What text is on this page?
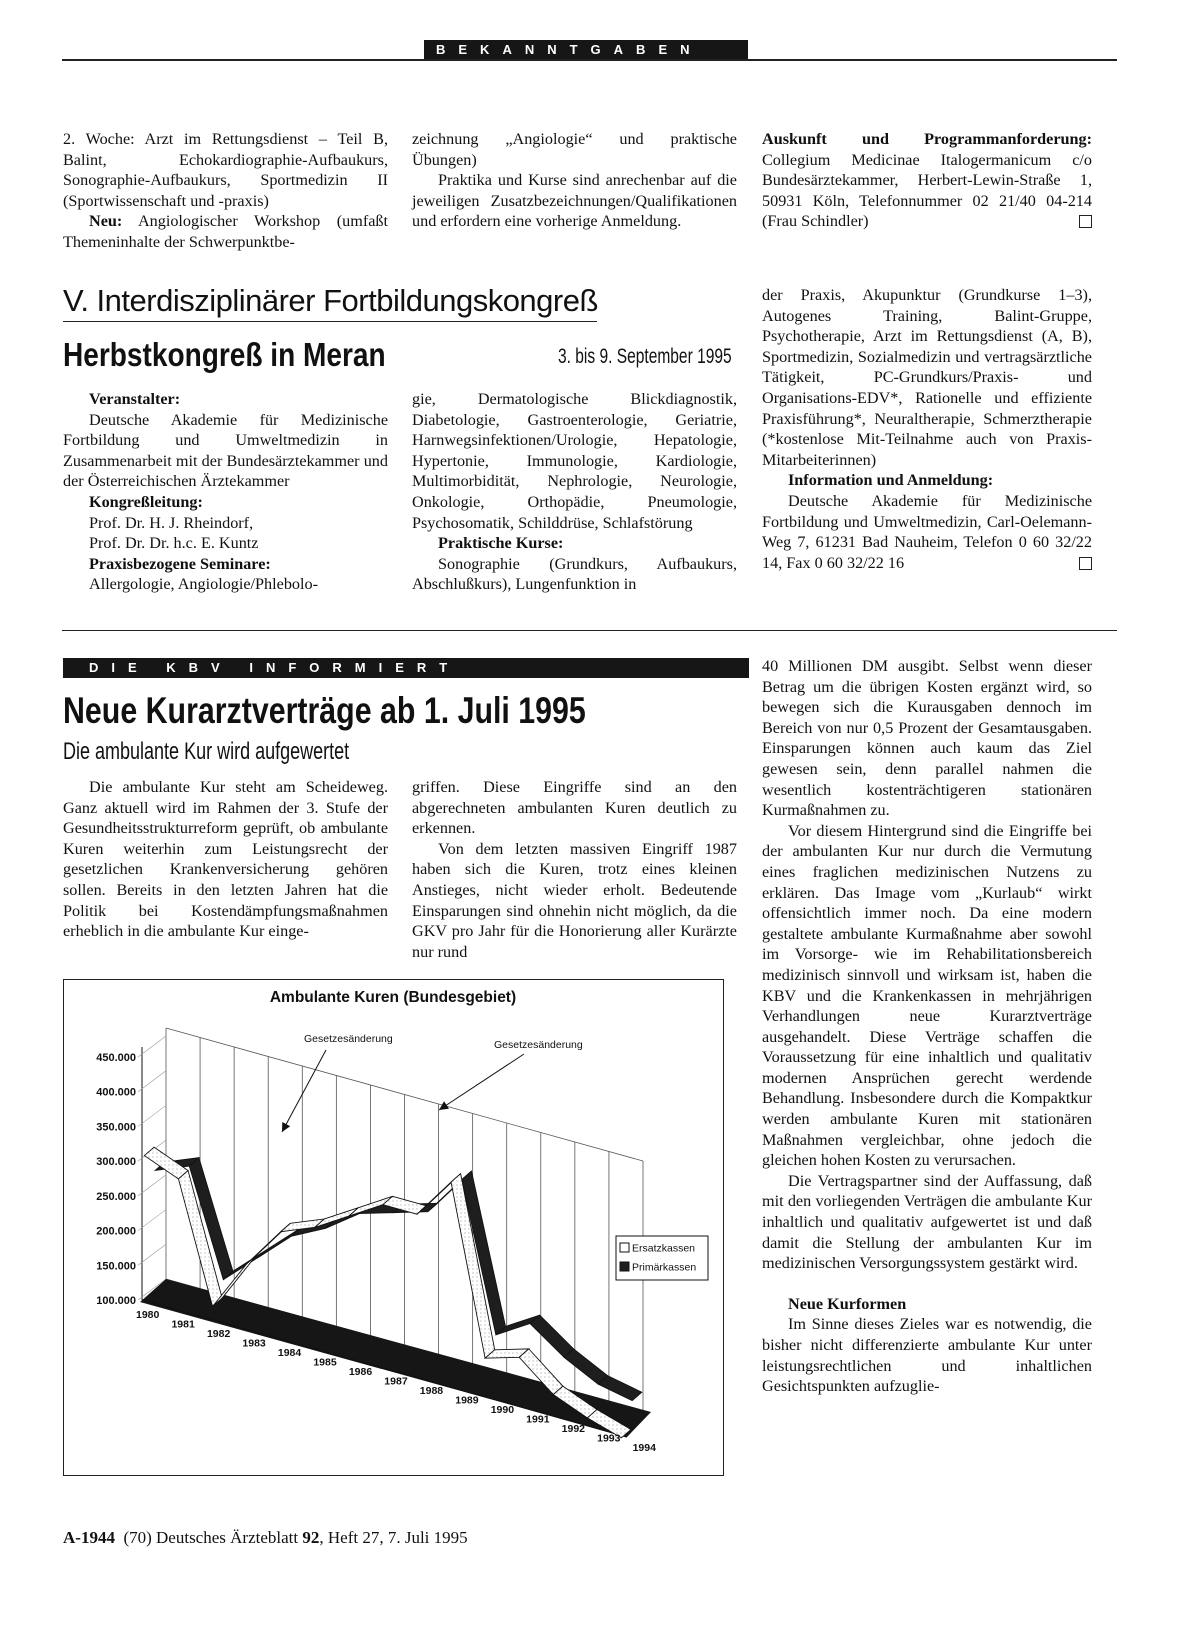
BEKANNTGABEN

2. Woche: Arzt im Rettungsdienst – Teil B, Balint, Echokardiographie-Aufbaukurs, Sonographie-Aufbaukurs, Sportmedizin II (Sportwissenschaft und -praxis)

Neu: Angiologischer Workshop (umfaßt Themeninhalte der Schwerpunktbe-

zeichnung „Angiologie“ und praktische Übungen)

Praktika und Kurse sind anrechenbar auf die jeweiligen Zusatzbezeichnungen/Qualifikationen und erfordern eine vorherige Anmeldung.

Auskunft und Programmanforderung: Collegium Medicinae Italogermanicum c/o Bundesärztekammer, Herbert-Lewin-Straße 1, 50931 Köln, Telefonnummer 02 21/40 04-214 (Frau Schindler)

V. Interdisziplinärer Fortbildungskongreß
Herbstkongreß in Meran	3. bis 9. September 1995

Veranstalter:

Deutsche Akademie für Medizinische Fortbildung und Umweltmedizin in Zusammenarbeit mit der Bundesärztekammer und der Österreichischen Ärztekammer

Kongreßleitung:

Prof. Dr. H. J. Rheindorf,

Prof. Dr. Dr. h.c. E. Kuntz

Praxisbezogene Seminare:

Allergologie, Angiologie/Phlebolo-

gie, Dermatologische Blickdiagnostik, Diabetologie, Gastroenterologie, Geriatrie, Harnwegsinfektionen/Urologie, Hepatologie, Hypertonie, Immunologie, Kardiologie, Multimorbidität, Nephrologie, Neurologie, Onkologie, Orthopädie, Pneumologie, Psychosomatik, Schilddrüse, Schlafstörung

Praktische Kurse:

Sonographie (Grundkurs, Aufbaukurs, Abschlußkurs), Lungenfunktion in

der Praxis, Akupunktur (Grundkurse 1–3), Autogenes Training, Balint-Gruppe, Psychotherapie, Arzt im Rettungsdienst (A, B), Sportmedizin, Sozialmedizin und vertragsärztliche Tätigkeit, PC-Grundkurs/Praxis- und Organisations-EDV*, Rationelle und effiziente Praxisführung*, Neuraltherapie, Schmerztherapie (*kostenlose Mit-Teilnahme auch von Praxis-Mitarbeiterinnen)

Information und Anmeldung:

Deutsche Akademie für Medizinische Fortbildung und Umweltmedizin, Carl-Oelemann-Weg 7, 61231 Bad Nauheim, Telefon 0 60 32/22 14, Fax 0 60 32/22 16

DIE KBV INFORMIERT
Neue Kurarztverträge ab 1. Juli 1995
Die ambulante Kur wird aufgewertet

Die ambulante Kur steht am Scheideweg. Ganz aktuell wird im Rahmen der 3. Stufe der Gesundheitsstrukturreform geprüft, ob ambulante Kuren weiterhin zum Leistungsrecht der gesetzlichen Krankenversicherung gehören sollen. Bereits in den letzten Jahren hat die Politik bei Kostendämpfungsmaßnahmen erheblich in die ambulante Kur einge-

griffen. Diese Eingriffe sind an den abgerechneten ambulanten Kuren deutlich zu erkennen.

Von dem letzten massiven Eingriff 1987 haben sich die Kuren, trotz eines kleinen Anstieges, nicht wieder erholt. Bedeutende Einsparungen sind ohnehin nicht möglich, da die GKV pro Jahr für die Honorierung aller Kurärzte nur rund

40 Millionen DM ausgibt. Selbst wenn dieser Betrag um die übrigen Kosten ergänzt wird, so bewegen sich die Kurausgaben dennoch im Bereich von nur 0,5 Prozent der Gesamtausgaben. Einsparungen können auch kaum das Ziel gewesen sein, denn parallel nahmen die wesentlich kostenträchtigeren stationären Kurmaßnahmen zu.

Vor diesem Hintergrund sind die Eingriffe bei der ambulanten Kur nur durch die Vermutung eines fraglichen medizinischen Nutzens zu erklären. Das Image vom „Kurlaub“ wirkt offensichtlich immer noch. Da eine modern gestaltete ambulante Kurmaßnahme aber sowohl im Vorsorge- wie im Rehabilitationsbereich medizinisch sinnvoll und wirksam ist, haben die KBV und die Krankenkassen in mehrjährigen Verhandlungen neue Kurarztverträge ausgehandelt. Diese Verträge schaffen die Voraussetzung für eine inhaltlich und qualitativ modernen Ansprüchen gerecht werdende Behandlung. Insbesondere durch die Kompaktkur werden ambulante Kuren mit stationären Maßnahmen vergleichbar, ohne jedoch die gleichen hohen Kosten zu verursachen.

Die Vertragspartner sind der Auffassung, daß mit den vorliegenden Verträgen die ambulante Kur inhaltlich und qualitativ aufgewertet ist und daß damit die Stellung der ambulanten Kur im medizinischen Versorgungssystem gestärkt wird.

Neue Kurformen

Im Sinne dieses Zieles war es notwendig, die bisher nicht differenzierte ambulante Kur unter leistungsrechtlichen und inhaltlichen Gesichtspunkten aufzuglie-

450.000
400.000
350.000
300.000
250.000
200.000
150.000
100.000
1980
1981
1982
1983
1984
1985
1986
1987
1988
1989
1990
1991
1992
1993
1994
Ambulante Kuren (Bundesgebiet)
Gesetzesänderung	Gesetzesänderung
Ersatzkassen
Primärkassen
A-1944 (70) Deutsches Ärzteblatt 92, Heft 27, 7. Juli 1995
